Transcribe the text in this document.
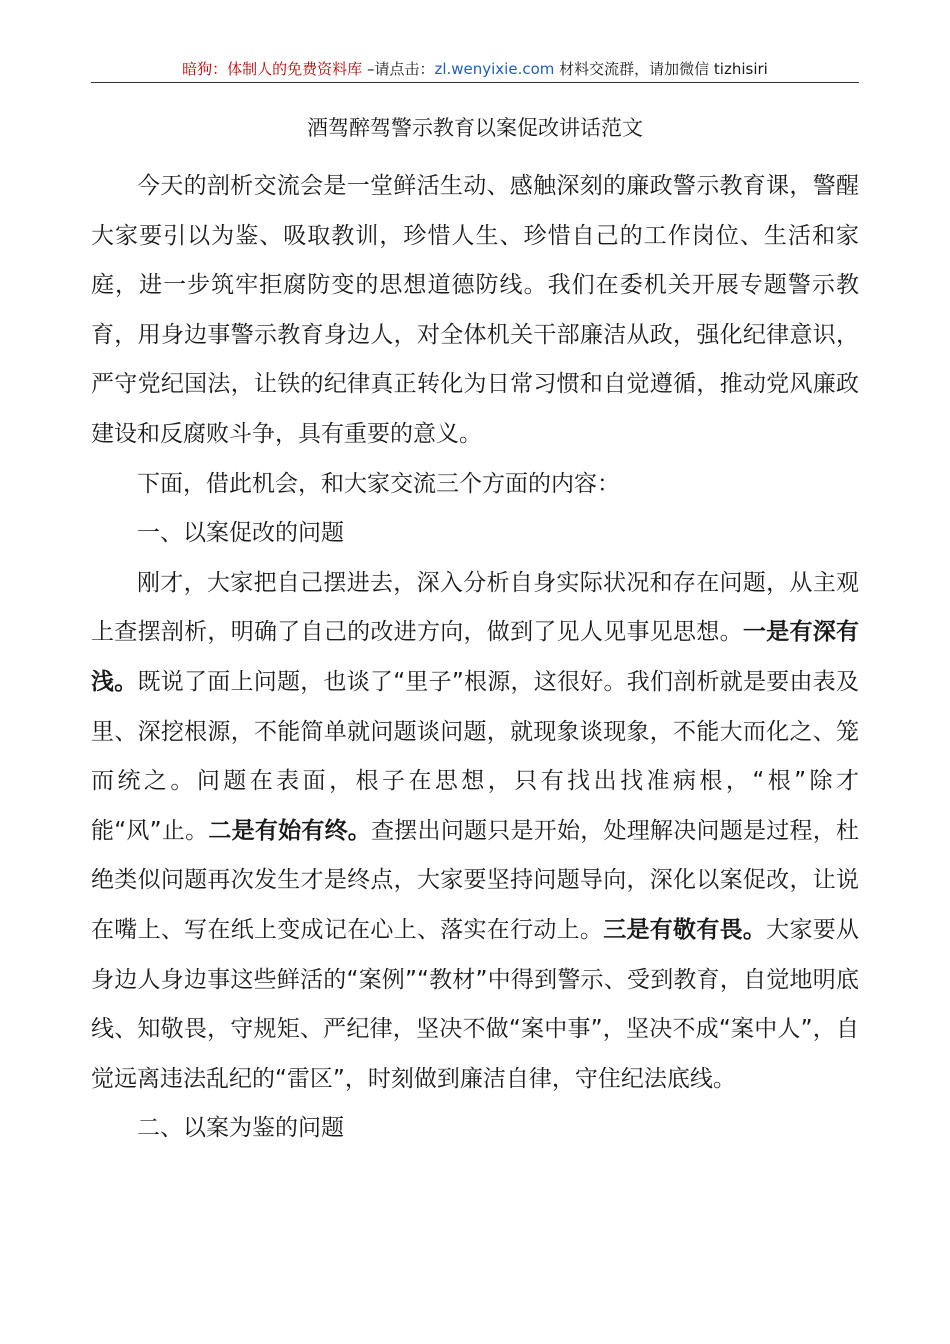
暗狗：体制人的免费资料库 –请点击：zl.wenyixie.com 材料交流群，请加微信 tizhisiri
酒驾醉驾警示教育以案促改讲话范文

今天的剖析交流会是一堂鲜活生动、感触深刻的廉政警示教育课，警醒大家要引以为鉴、吸取教训，珍惜人生、珍惜自己的工作岗位、生活和家庭，进一步筑牢拒腐防变的思想道德防线。我们在委机关开展专题警示教育，用身边事警示教育身边人，对全体机关干部廉洁从政，强化纪律意识，严守党纪国法，让铁的纪律真正转化为日常习惯和自觉遵循，推动党风廉政建设和反腐败斗争，具有重要的意义。

下面，借此机会，和大家交流三个方面的内容：

一、以案促改的问题

刚才，大家把自己摆进去，深入分析自身实际状况和存在问题，从主观上查摆剖析，明确了自己的改进方向，做到了见人见事见思想。一是有深有浅。既说了面上问题，也谈了“里子”根源，这很好。我们剖析就是要由表及里、深挖根源，不能简单就问题谈问题，就现象谈现象，不能大而化之、笼而统之。问题在表面，根子在思想，只有找出找准病根，“根”除才能“风”止。二是有始有终。查摆出问题只是开始，处理解决问题是过程，杜绝类似问题再次发生才是终点，大家要坚持问题导向，深化以案促改，让说在嘴上、写在纸上变成记在心上、落实在行动上。三是有敬有畏。大家要从身边人身边事这些鲜活的“案例”“教材”中得到警示、受到教育，自觉地明底线、知敬畏，守规矩、严纪律，坚决不做“案中事”，坚决不成“案中人”，自觉远离违法乱纪的“雷区”，时刻做到廉洁自律，守住纪法底线。

二、以案为鉴的问题
